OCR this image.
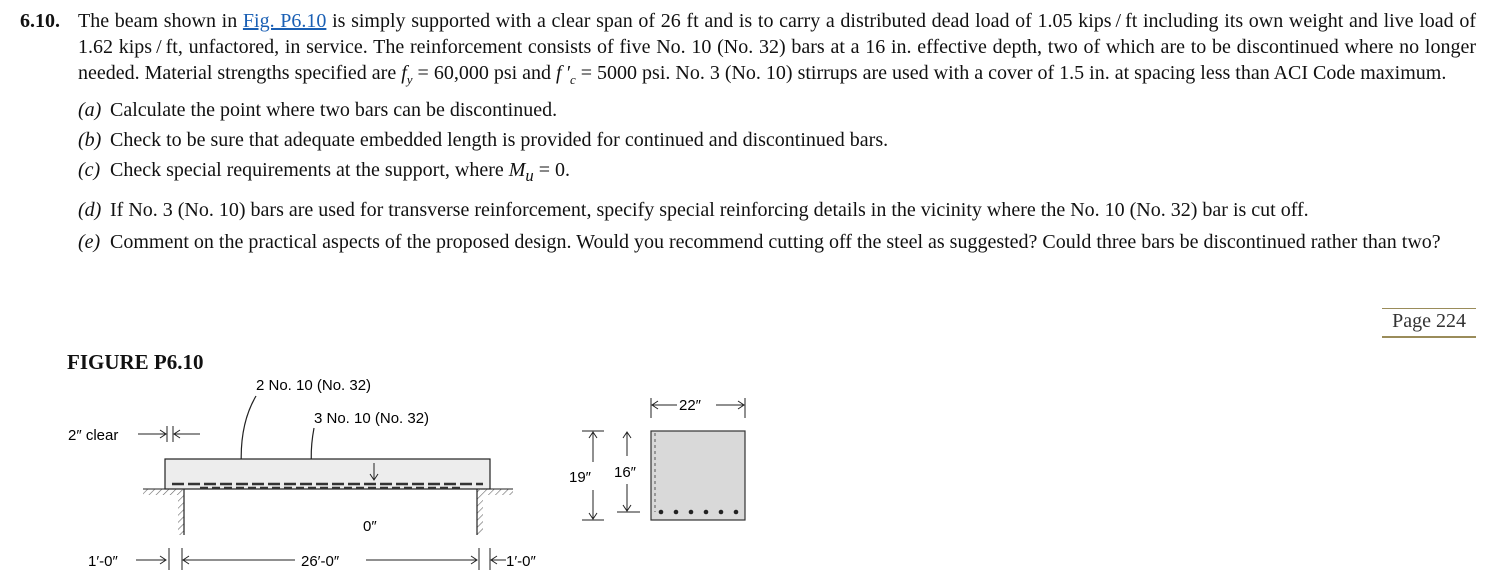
6.10. The beam shown in Fig. P6.10 is simply supported with a clear span of 26 ft and is to carry a distributed dead load of 1.05 kips / ft including its own weight and live load of 1.62 kips / ft, unfactored, in service. The reinforcement consists of five No. 10 (No. 32) bars at a 16 in. effective depth, two of which are to be discontinued where no longer needed. Material strengths specified are $f_y = 60,000$ psi and f $'_c = 5000$ psi. No. 3 (No. 10) stirrups are used with a cover of 1.5 in. at spacing less than ACI Code maximum.
(a) Calculate the point where two bars can be discontinued.
(b) Check to be sure that adequate embedded length is provided for continued and discontinued bars.
(c) Check special requirements at the support, where $M_u = 0$.
(d) If No. 3 (No. 10) bars are used for transverse reinforcement, specify special reinforcing details in the vicinity where the No. 10 (No. 32) bar is cut off.
(e) Comment on the practical aspects of the proposed design. Would you recommend cutting off the steel as suggested? Could three bars be discontinued rather than two?
Page 224
FIGURE P6.10
2 No. 10 (No. 32)
3 No. 10 (No. 32)
2″ clear
0″
1′-0″	26′-0″	1′-0″
22″
19″ 16″
